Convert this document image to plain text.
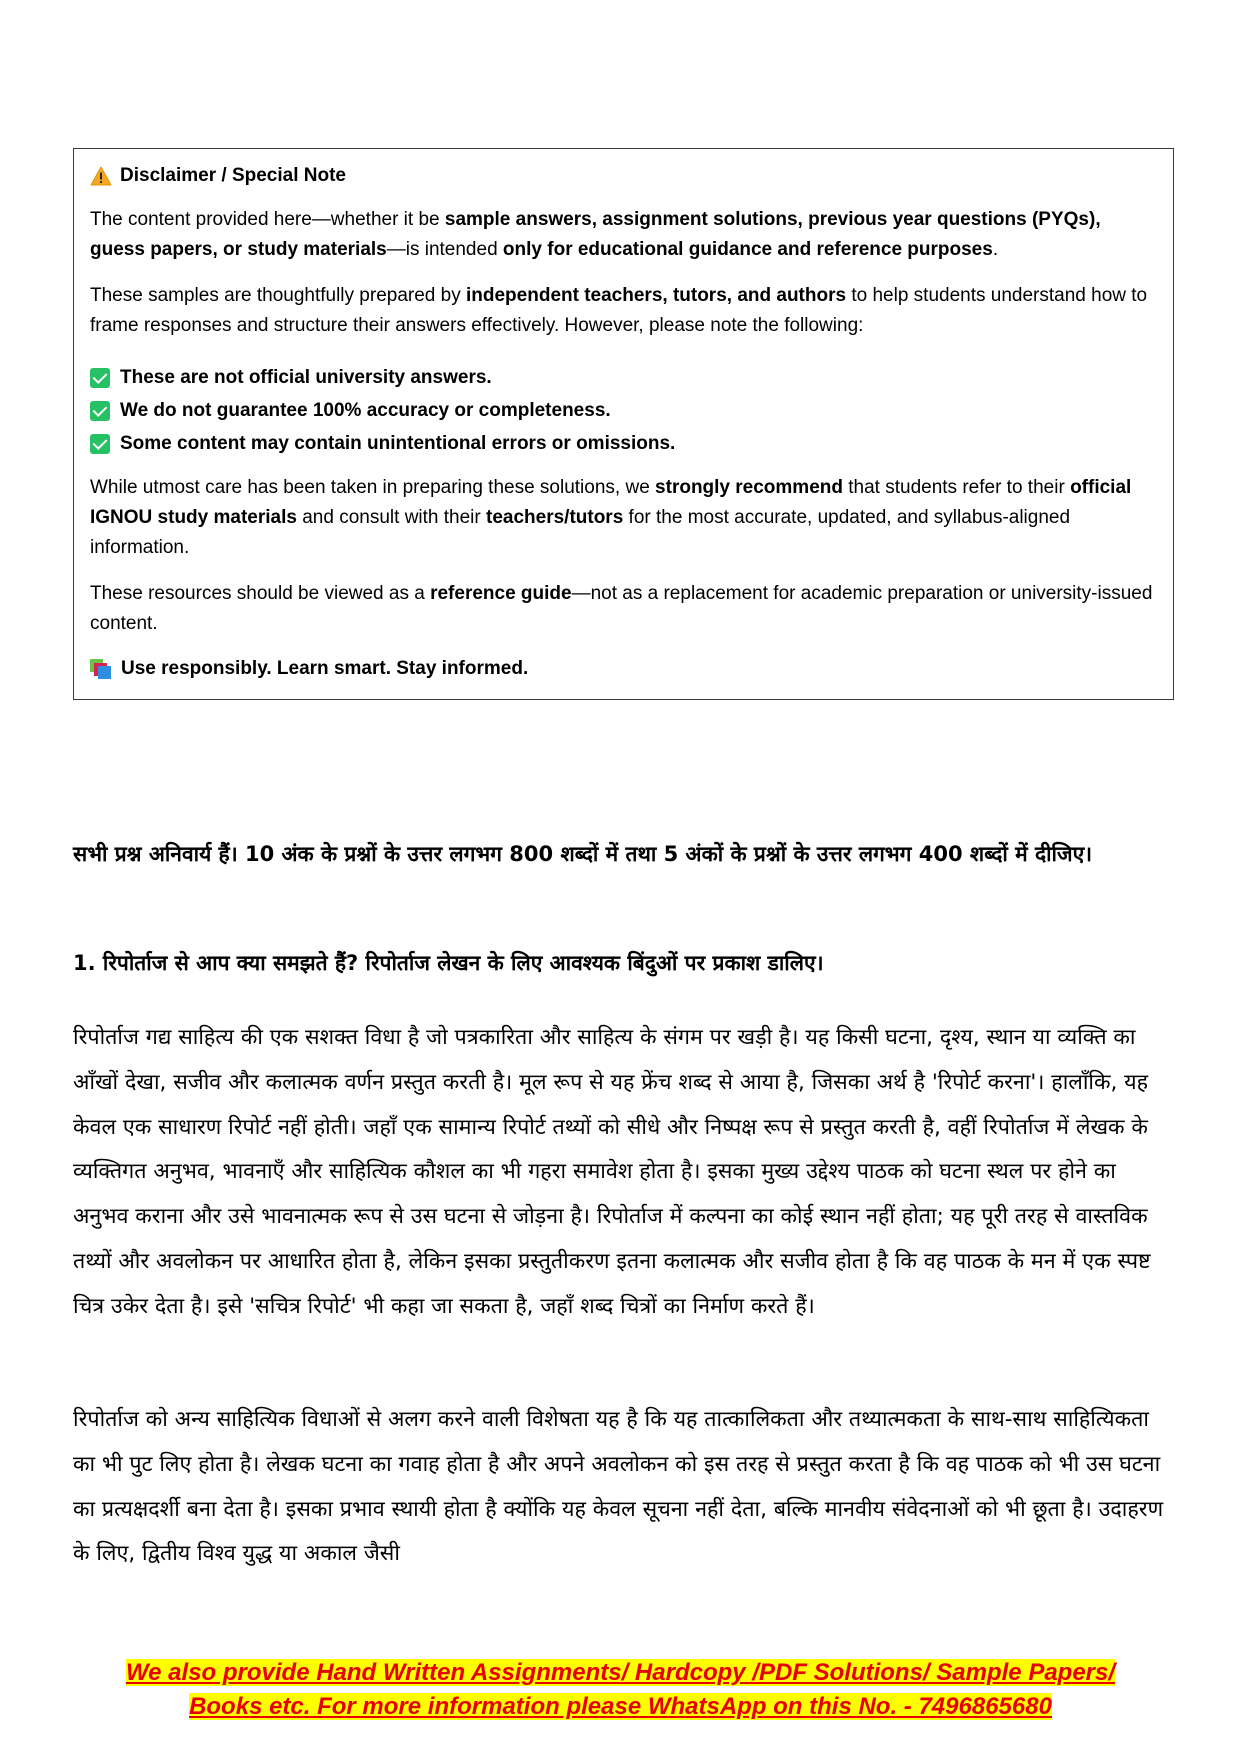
Disclaimer / Special Note

The content provided here—whether it be sample answers, assignment solutions, previous year questions (PYQs), guess papers, or study materials—is intended only for educational guidance and reference purposes.

These samples are thoughtfully prepared by independent teachers, tutors, and authors to help students understand how to frame responses and structure their answers effectively. However, please note the following:

These are not official university answers.
We do not guarantee 100% accuracy or completeness.
Some content may contain unintentional errors or omissions.

While utmost care has been taken in preparing these solutions, we strongly recommend that students refer to their official IGNOU study materials and consult with their teachers/tutors for the most accurate, updated, and syllabus-aligned information.

These resources should be viewed as a reference guide—not as a replacement for academic preparation or university-issued content.

Use responsibly. Learn smart. Stay informed.

सभी प्रश्न अनिवार्य हैं। 10 अंक के प्रश्नों के उत्तर लगभग 800 शब्दों में तथा 5 अंकों के प्रश्नों के उत्तर लगभग 400 शब्दों में दीजिए।

1. रिपोर्ताज से आप क्या समझते हैं? रिपोर्ताज लेखन के लिए आवश्यक बिंदुओं पर प्रकाश डालिए।

रिपोर्ताज गद्य साहित्य की एक सशक्त विधा है जो पत्रकारिता और साहित्य के संगम पर खड़ी है। यह किसी घटना, दृश्य, स्थान या व्यक्ति का आँखों देखा, सजीव और कलात्मक वर्णन प्रस्तुत करती है। मूल रूप से यह फ्रेंच शब्द से आया है, जिसका अर्थ है 'रिपोर्ट करना'। हालाँकि, यह केवल एक साधारण रिपोर्ट नहीं होती। जहाँ एक सामान्य रिपोर्ट तथ्यों को सीधे और निष्पक्ष रूप से प्रस्तुत करती है, वहीं रिपोर्ताज में लेखक के व्यक्तिगत अनुभव, भावनाएँ और साहित्यिक कौशल का भी गहरा समावेश होता है। इसका मुख्य उद्देश्य पाठक को घटना स्थल पर होने का अनुभव कराना और उसे भावनात्मक रूप से उस घटना से जोड़ना है। रिपोर्ताज में कल्पना का कोई स्थान नहीं होता; यह पूरी तरह से वास्तविक तथ्यों और अवलोकन पर आधारित होता है, लेकिन इसका प्रस्तुतीकरण इतना कलात्मक और सजीव होता है कि वह पाठक के मन में एक स्पष्ट चित्र उकेर देता है। इसे 'सचित्र रिपोर्ट' भी कहा जा सकता है, जहाँ शब्द चित्रों का निर्माण करते हैं।

रिपोर्ताज को अन्य साहित्यिक विधाओं से अलग करने वाली विशेषता यह है कि यह तात्कालिकता और तथ्यात्मकता के साथ-साथ साहित्यिकता का भी पुट लिए होता है। लेखक घटना का गवाह होता है और अपने अवलोकन को इस तरह से प्रस्तुत करता है कि वह पाठक को भी उस घटना का प्रत्यक्षदर्शी बना देता है। इसका प्रभाव स्थायी होता है क्योंकि यह केवल सूचना नहीं देता, बल्कि मानवीय संवेदनाओं को भी छूता है। उदाहरण के लिए, द्वितीय विश्व युद्ध या अकाल जैसी

We also provide Hand Written Assignments/ Hardcopy /PDF Solutions/ Sample Papers/
Books etc. For more information please WhatsApp on this No. - 7496865680
